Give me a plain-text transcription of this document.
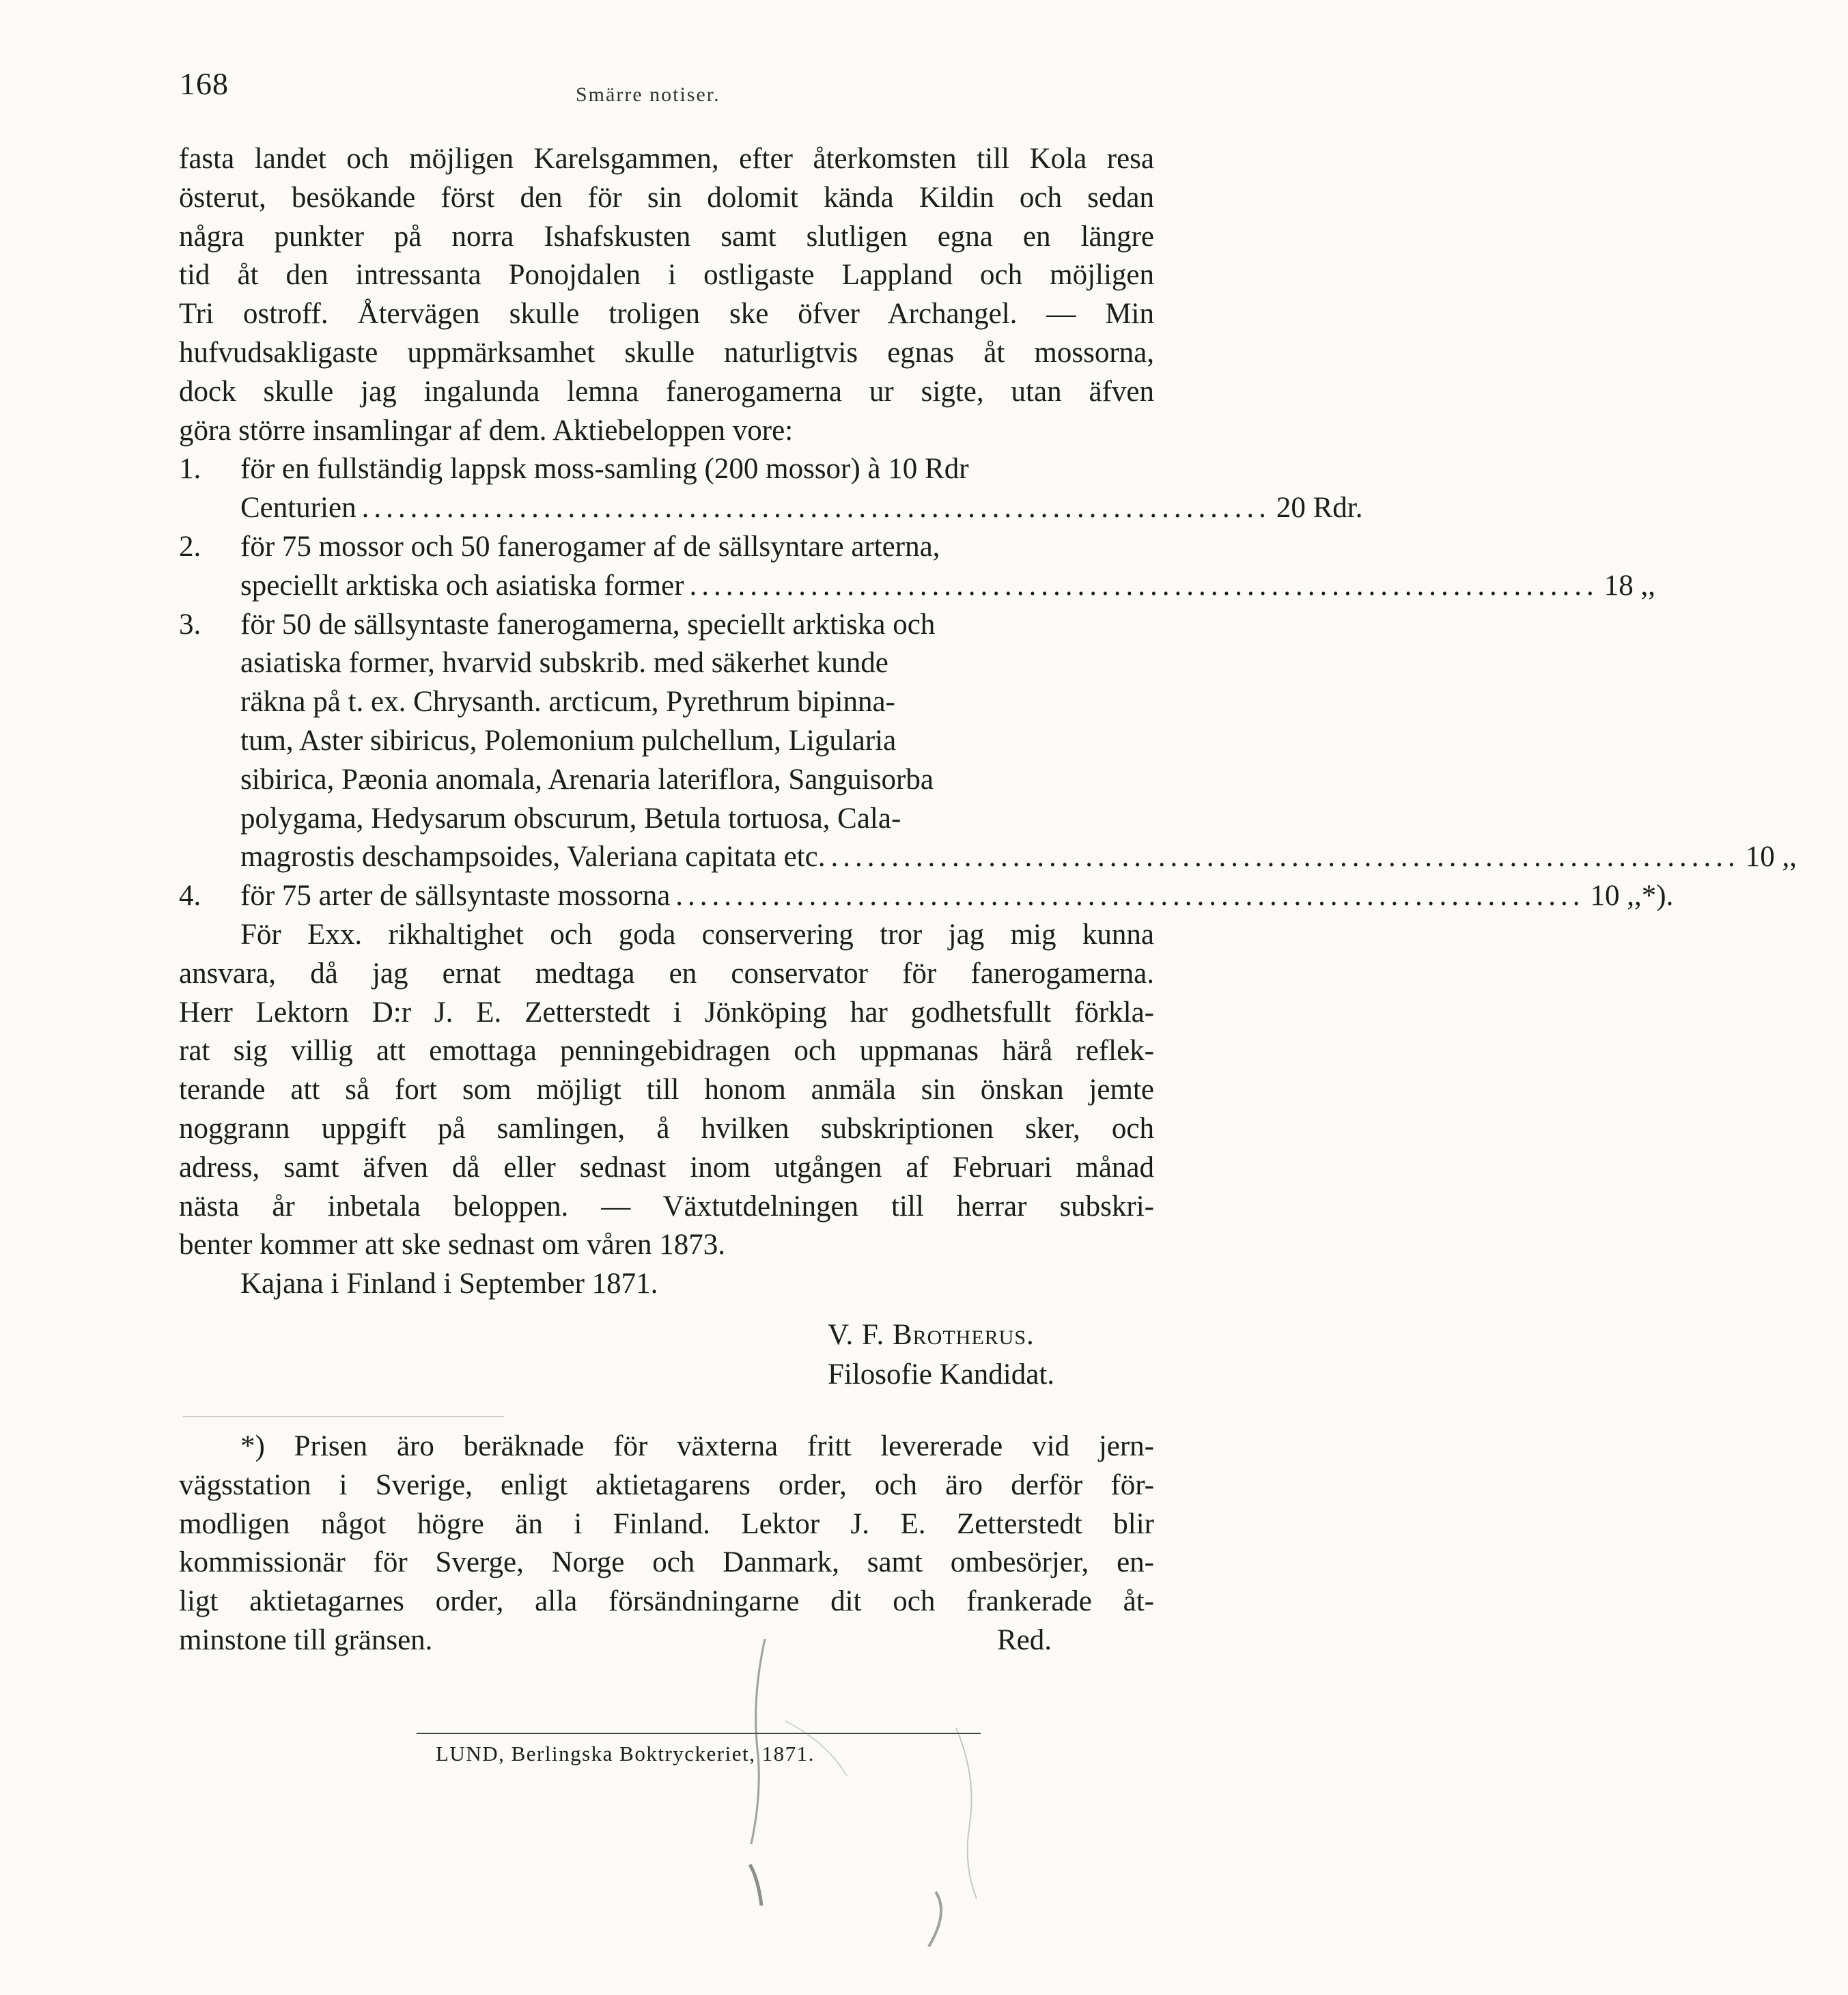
168	Smärre notiser.
fasta landet och möjligen Karelsgammen, efter återkomsten till Kola resa
österut, besökande först den för sin dolomit kända Kildin och sedan
några punkter på norra Ishafskusten samt slutligen egna en längre
tid åt den intressanta Ponojdalen i ostligaste Lappland och möjligen
Tri ostroff. Återvägen skulle troligen ske öfver Archangel. — Min
hufvudsakligaste uppmärksamhet skulle naturligtvis egnas åt mossorna,
dock skulle jag ingalunda lemna fanerogamerna ur sigte, utan äfven
göra större insamlingar af dem. Aktiebeloppen vore:
1.	för en fullständig lappsk moss-samling (200 mossor) à 10 Rdr
Centurien ........................................................................... 20 Rdr.
2.	för 75 mossor och 50 fanerogamer af de sällsyntare arterna,
speciellt arktiska och asiatiska former ........................................................................... 18 ,,
3.	för 50 de sällsyntaste fanerogamerna, speciellt arktiska och
asiatiska former, hvarvid subskrib. med säkerhet kunde
räkna på t. ex. Chrysanth. arcticum, Pyrethrum bipinna-
tum, Aster sibiricus, Polemonium pulchellum, Ligularia
sibirica, Pæonia anomala, Arenaria lateriflora, Sanguisorba
polygama, Hedysarum obscurum, Betula tortuosa, Cala-
magrostis deschampsoides, Valeriana capitata etc. ........................................................................... 10 ,,
4.	för 75 arter de sällsyntaste mossorna ........................................................................... 10 ,,*).
För Exx. rikhaltighet och goda conservering tror jag mig kunna
ansvara, då jag ernat medtaga en conservator för fanerogamerna.
Herr Lektorn D:r J. E. Zetterstedt i Jönköping har godhetsfullt förkla-
rat sig villig att emottaga penningebidragen och uppmanas härå reflek-
terande att så fort som möjligt till honom anmäla sin önskan jemte
noggrann uppgift på samlingen, å hvilken subskriptionen sker, och
adress, samt äfven då eller sednast inom utgången af Februari månad
nästa år inbetala beloppen. — Växtutdelningen till herrar subskri-
benter kommer att ske sednast om våren 1873.
Kajana i Finland i September 1871.
V. F. Brotherus.
Filosofie Kandidat.
*) Prisen äro beräknade för växterna fritt levererade vid jern-
vägsstation i Sverige, enligt aktietagarens order, och äro derför för-
modligen något högre än i Finland. Lektor J. E. Zetterstedt blir
kommissionär för Sverge, Norge och Danmark, samt ombesörjer, en-
ligt aktietagarnes order, alla försändningarne dit och frankerade åt-
minstone till gränsen.	Red.
LUND, Berlingska Boktryckeriet, 1871.
